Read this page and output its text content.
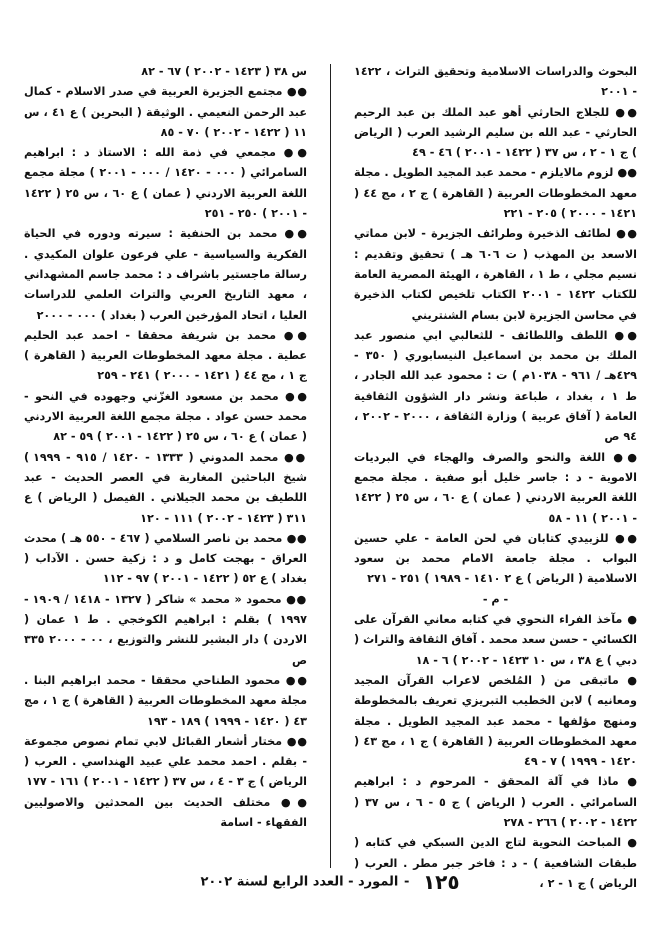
البحوث والدراسات الاسلامية وتحقيق التراث ، ١٤٢٢ - ٢٠٠١

●● للجلاج الحارثي أهو عبد الملك بن عبد الرحيم الحارثي - عبد الله بن سليم الرشيد العرب ( الرياض ) ج ١ - ٢ ، س ٣٧ ( ١٤٢٢ - ٢٠٠١ ) ٤٦ - ٤٩

●● لزوم مالايلزم - محمد عبد المجيد الطويل . مجلة معهد المخطوطات العربية ( القاهرة ) ج ٢ ، مج ٤٤ ( ١٤٢١ - ٢٠٠٠ ) ٢٠٥ - ٢٢١

●● لطائف الذخيرة وطرائف الجزيرة - لابن مماتي الاسعد بن المهذب ( ت ٦٠٦ هـ ) تحقيق وتقديم : نسيم مجلي ، ط ١ ، القاهرة ، الهيئة المصرية العامة للكتاب ١٤٢٢ - ٢٠٠١ الكتاب تلخيص لكتاب الذخيرة في محاسن الجزيرة لابن بسام الشنتريني

●● اللطف واللطائف - للثعالبي ابي منصور عبد الملك بن محمد بن اسماعيل النيسابوري ( ٣٥٠ - ٤٢٩هـ / ٩٦١ - ١٠٣٨م ) ت : محمود عبد الله الجادر ، ط ١ ، بغداد ، طباعة ونشر دار الشؤون الثقافية العامة ( آفاق عربية ) وزارة الثقافة ، ٢٠٠٠ - ٢٠٠٢ ، ٩٤ ص

●● اللغة والنحو والصرف والهجاء في البرديات الاموية - د : جاسر خليل أبو صفية . مجلة مجمع اللغة العربية الاردني ( عمان ) ع ٦٠ ، س ٢٥ ( ١٤٢٢ - ٢٠٠١ ) ١١ - ٥٨

●● للزبيدي كتابان في لحن العامة - علي حسين البواب . مجلة جامعة الامام محمد بن سعود الاسلامية ( الرياض ) ع ٢ ١٤١٠ - ١٩٨٩ ) ٢٥١ - ٢٧١

- م -

● مآخذ الفراء النحوي في كتابه معاني القرآن على الكسائي - حسن سعد محمد . آفاق الثقافة والتراث ( دبي ) ع ٣٨ ، س ١٠ ١٤٢٣ - ٢٠٠٢ ) ٦ - ١٨

● ماتبقى من ( المُلخص لاعراب القرآن المجيد ومعانيه ) لابن الخطيب التبريزي تعريف بالمخطوطة ومنهج مؤلفها - محمد عبد المجيد الطويل . مجلة معهد المخطوطات العربية ( القاهرة ) ج ١ ، مج ٤٣ ( ١٤٢٠ - ١٩٩٩ ) ٧ - ٤٩

● ماذا في آلة المحقق - المرحوم د : ابراهيم السامرائي . العرب ( الرياض ) ج ٥ - ٦ ، س ٣٧ ( ١٤٢٢ - ٢٠٠٢ ) ٢٦٦ - ٢٧٨

● المباحث النحوية لتاج الدين السبكي في كتابه ( طبقات الشافعية ) - د : فاخر جبر مطر . العرب ( الرياض ) ج ١ - ٢ ،

س ٣٨ ( ١٤٢٣ - ٢٠٠٢ ) ٦٧ - ٨٢

●● مجتمع الجزيرة العربية في صدر الاسلام - كمال عبد الرحمن النعيمي . الوثيقة ( البحرين ) ع ٤١ ، س ١١ ( ١٤٢٢ - ٢٠٠٢ ) ٧٠ - ٨٥

●● مجمعي في ذمة الله : الاستاذ د : ابراهيم السامرائي ( ٠٠٠ - ١٤٢٠ / ٠٠٠ - ٢٠٠١ ) مجلة مجمع اللغة العربية الاردني ( عمان ) ع ٦٠ ، س ٢٥ ( ١٤٢٢ - ٢٠٠١ ) ٢٥٠ - ٢٥١

●● محمد بن الحنفية : سيرته ودوره في الحياة الفكرية والسياسية - علي فرعون علوان المكيدي . رسالة ماجستير باشراف د : محمد جاسم المشهداني ، معهد التاريخ العربي والتراث العلمي للدراسات العليا ، اتحاد المؤرخين العرب ( بغداد ) ٠٠٠ - ٢٠٠٠

●● محمد بن شريفة محققا - احمد عبد الحليم عطية . مجلة معهد المخطوطات العربية ( القاهرة ) ج ١ ، مج ٤٤ ( ١٤٢١ - ٢٠٠٠ ) ٢٤١ - ٢٥٩

●● محمد بن مسعود الغزّني وجهوده في النحو - محمد حسن عواد . مجلة مجمع اللغة العربية الاردني ( عمان ) ع ٦٠ ، س ٢٥ ( ١٤٢٢ - ٢٠٠١ ) ٥٩ - ٨٢

●● محمد المدوني ( ١٣٣٣ - ١٤٢٠ / ٩١٥ - ١٩٩٩ ) شيخ الباحثين المغاربة في العصر الحديث - عبد اللطيف بن محمد الجيلاني . الفيصل ( الرياض ) ع ٣١١ ( ١٤٢٣ - ٢٠٠٢ ) ١١١ - ١٢٠

●● محمد بن ناصر السلامي ( ٤٦٧ - ٥٥٠ هـ ) محدث العراق - بهجت كامل و د : زكية حسن . الآداب ( بغداد ) ع ٥٢ ( ١٤٢٢ - ٢٠٠١ ) ٩٧ - ١١٢

●● محمود « محمد » شاكر ( ١٣٢٧ - ١٤١٨ / ١٩٠٩ - ١٩٩٧ ) بقلم : ابراهيم الكوخجي . ط ١ عمان ( الاردن ) دار البشير للنشر والتوزيع ، ٠٠ - ٢٠٠٠ ٣٣٥ ص

●● محمود الطناحي محققا - محمد ابراهيم البنا . مجلة معهد المخطوطات العربية ( القاهرة ) ج ١ ، مج ٤٣ ( ١٤٢٠ - ١٩٩٩ ) ١٨٩ - ١٩٣

●● مختار أشعار القبائل لابي تمام نصوص مجموعة - بقلم . احمد محمد علي عبيد الهنداسي . العرب ( الرياض ) ج ٣ - ٤ ، س ٣٧ ( ١٤٢٢ - ٢٠٠١ ) ١٦١ - ١٧٧

●● مختلف الحديث بين المحدثين والاصوليين الفقهاء - اسامة

١٢٥ - المورد - العدد الرابع لسنة ٢٠٠٢
